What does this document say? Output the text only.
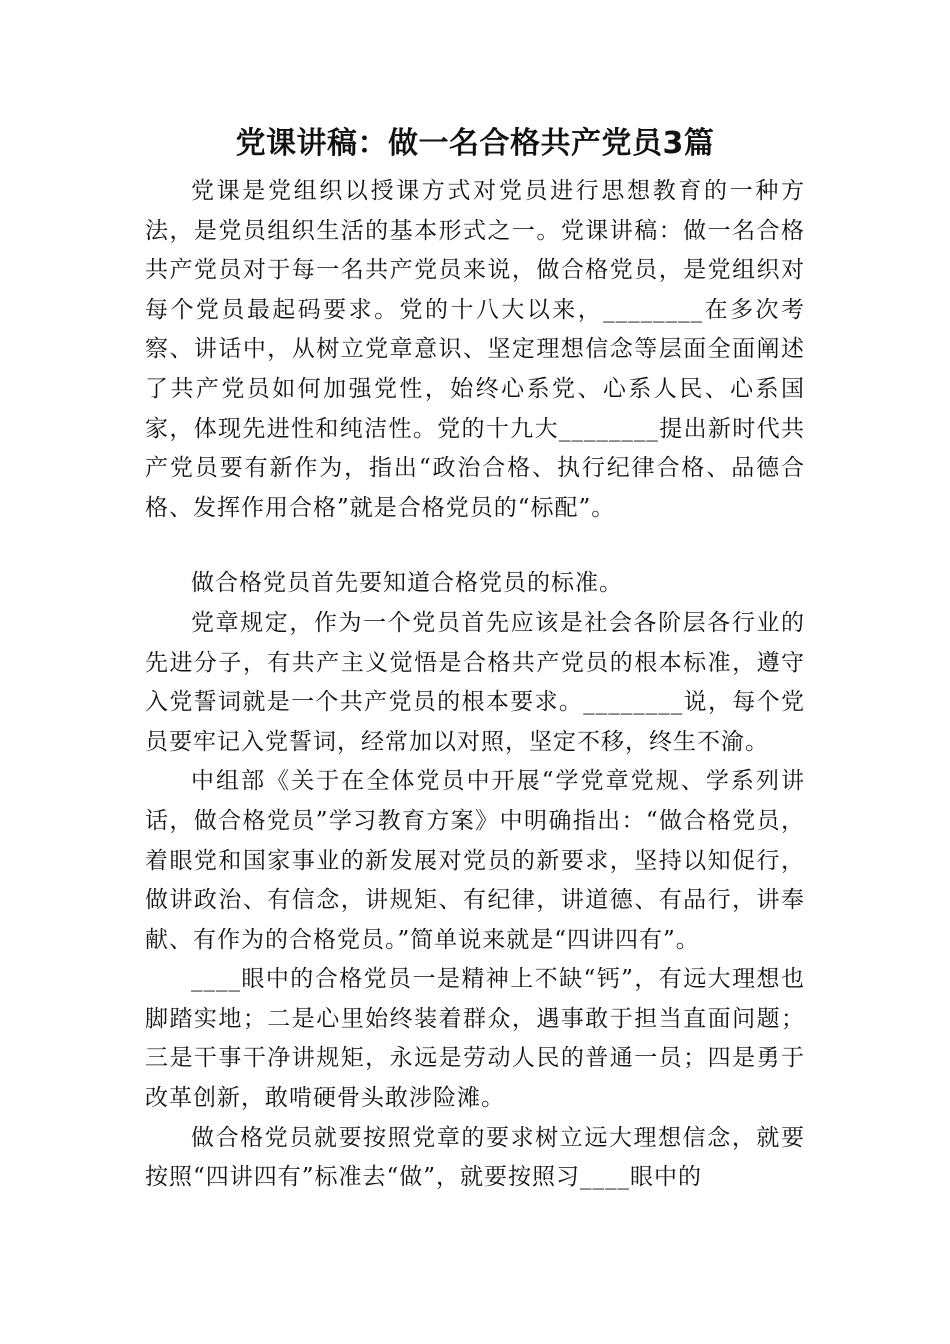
党课讲稿：做一名合格共产党员3篇

党课是党组织以授课方式对党员进行思想教育的一种方法，是党员组织生活的基本形式之一。党课讲稿：做一名合格共产党员对于每一名共产党员来说，做合格党员，是党组织对每个党员最起码要求。党的十八大以来，________在多次考察、讲话中，从树立党章意识、坚定理想信念等层面全面阐述了共产党员如何加强党性，始终心系党、心系人民、心系国家，体现先进性和纯洁性。党的十九大________提出新时代共产党员要有新作为，指出“政治合格、执行纪律合格、品德合格、发挥作用合格”就是合格党员的“标配”。

做合格党员首先要知道合格党员的标准。

党章规定，作为一个党员首先应该是社会各阶层各行业的先进分子，有共产主义觉悟是合格共产党员的根本标准，遵守入党誓词就是一个共产党员的根本要求。________说，每个党员要牢记入党誓词，经常加以对照，坚定不移，终生不渝。

中组部《关于在全体党员中开展“学党章党规、学系列讲话，做合格党员”学习教育方案》中明确指出：“做合格党员，着眼党和国家事业的新发展对党员的新要求，坚持以知促行，做讲政治、有信念，讲规矩、有纪律，讲道德、有品行，讲奉献、有作为的合格党员。”简单说来就是“四讲四有”。

____眼中的合格党员一是精神上不缺“钙”，有远大理想也脚踏实地；二是心里始终装着群众，遇事敢于担当直面问题；三是干事干净讲规矩，永远是劳动人民的普通一员；四是勇于改革创新，敢啃硬骨头敢涉险滩。

做合格党员就要按照党章的要求树立远大理想信念，就要按照“四讲四有”标准去“做”，就要按照习____眼中的
